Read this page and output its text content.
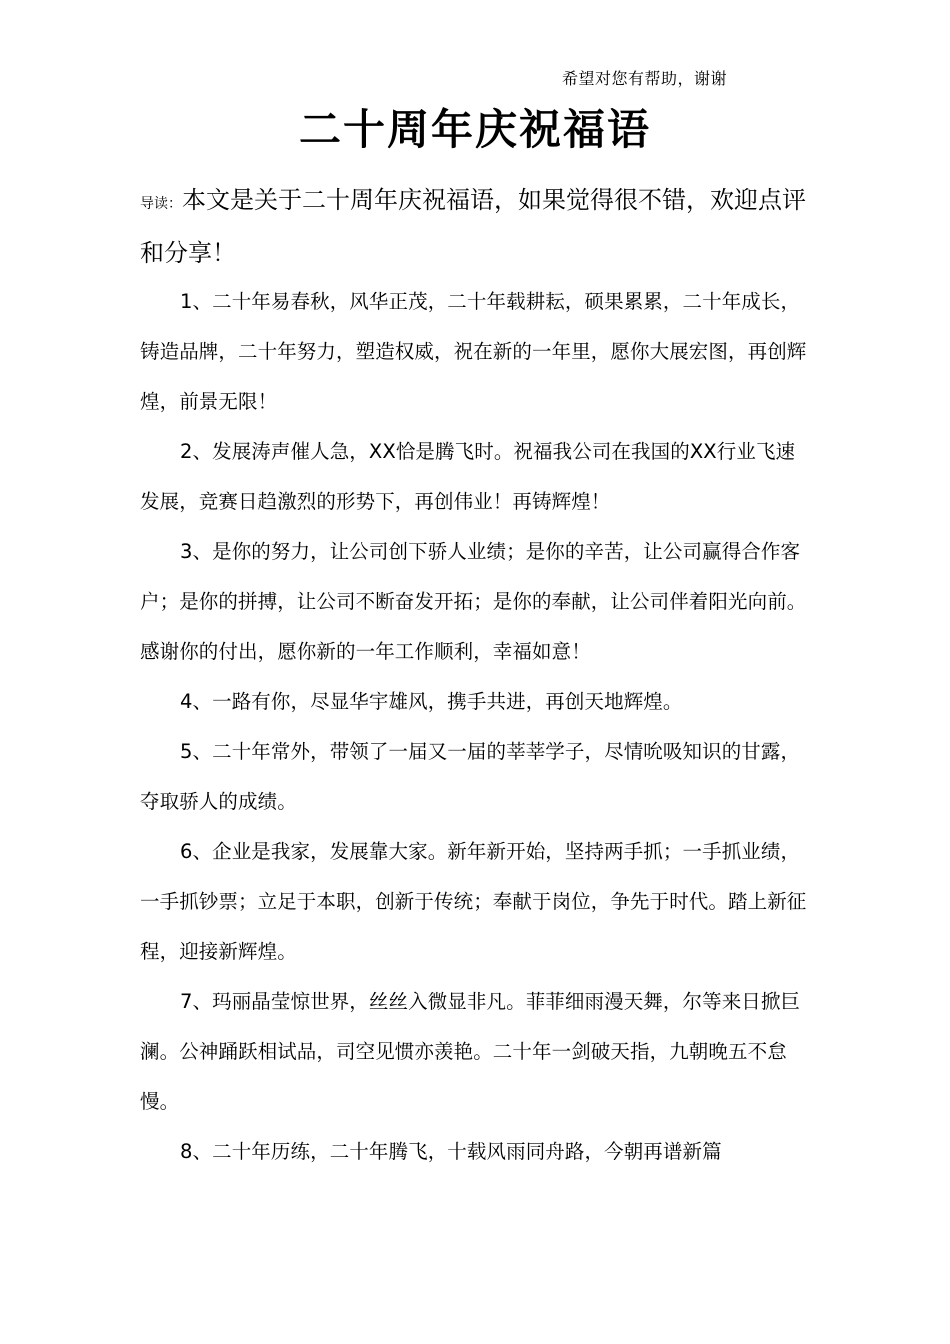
希望对您有帮助，谢谢
二十周年庆祝福语

导读：本文是关于二十周年庆祝福语，如果觉得很不错，欢迎点评和分享！

1、二十年易春秋，风华正茂，二十年载耕耘，硕果累累，二十年成长，铸造品牌，二十年努力，塑造权威，祝在新的一年里，愿你大展宏图，再创辉煌，前景无限！

2、发展涛声催人急，XX恰是腾飞时。祝福我公司在我国的XX行业飞速发展，竞赛日趋激烈的形势下，再创伟业！再铸辉煌！

3、是你的努力，让公司创下骄人业绩；是你的辛苦，让公司赢得合作客户；是你的拼搏，让公司不断奋发开拓；是你的奉献，让公司伴着阳光向前。感谢你的付出，愿你新的一年工作顺利，幸福如意！

4、一路有你，尽显华宇雄风，携手共进，再创天地辉煌。

5、二十年常外，带领了一届又一届的莘莘学子，尽情吮吸知识的甘露，夺取骄人的成绩。

6、企业是我家，发展靠大家。新年新开始，坚持两手抓；一手抓业绩，一手抓钞票；立足于本职，创新于传统；奉献于岗位，争先于时代。踏上新征程，迎接新辉煌。

7、玛丽晶莹惊世界，丝丝入微显非凡。菲菲细雨漫天舞，尔等来日掀巨澜。公神踊跃相试品，司空见惯亦羡艳。二十年一剑破天指，九朝晚五不怠慢。

8、二十年历练，二十年腾飞，十载风雨同舟路，今朝再谱新篇
